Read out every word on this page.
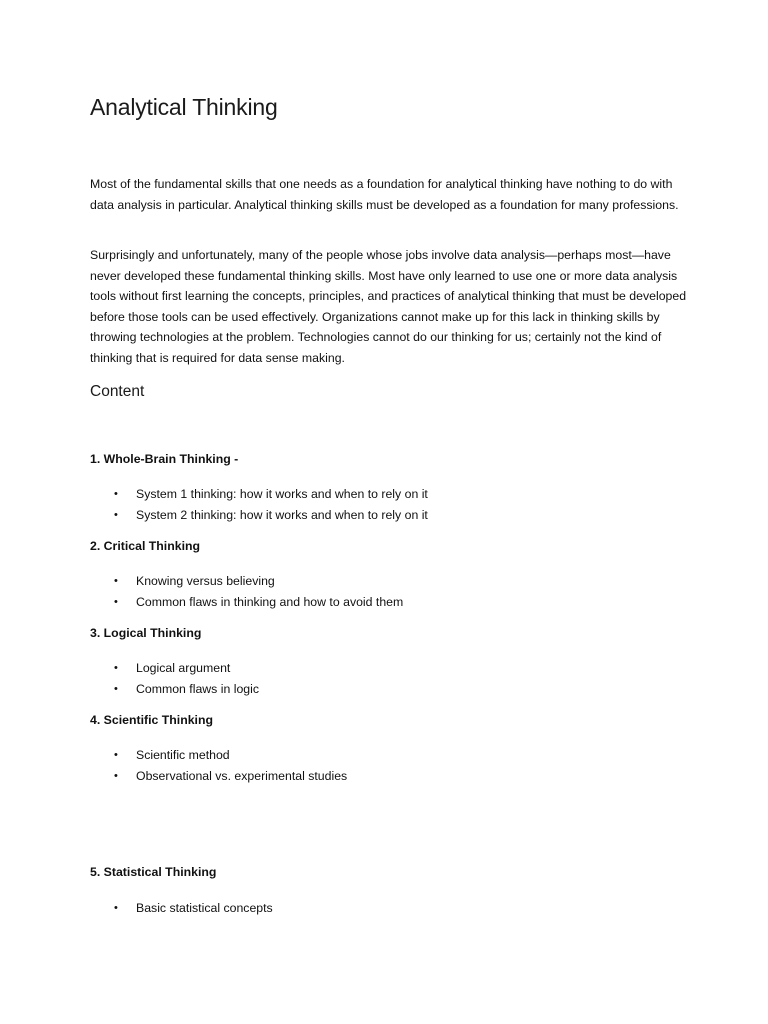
Analytical Thinking

Most of the fundamental skills that one needs as a foundation for analytical thinking have nothing to do with data analysis in particular. Analytical thinking skills must be developed as a foundation for many professions.

Surprisingly and unfortunately, many of the people whose jobs involve data analysis—perhaps most—have never developed these fundamental thinking skills. Most have only learned to use one or more data analysis tools without first learning the concepts, principles, and practices of analytical thinking that must be developed before those tools can be used effectively. Organizations cannot make up for this lack in thinking skills by throwing technologies at the problem. Technologies cannot do our thinking for us; certainly not the kind of thinking that is required for data sense making.

Content
1. Whole-Brain Thinking -
• System 1 thinking: how it works and when to rely on it
• System 2 thinking: how it works and when to rely on it
2. Critical Thinking
• Knowing versus believing
• Common flaws in thinking and how to avoid them
3. Logical Thinking
• Logical argument
• Common flaws in logic
4. Scientific Thinking
• Scientific method
• Observational vs. experimental studies
5. Statistical Thinking
• Basic statistical concepts
